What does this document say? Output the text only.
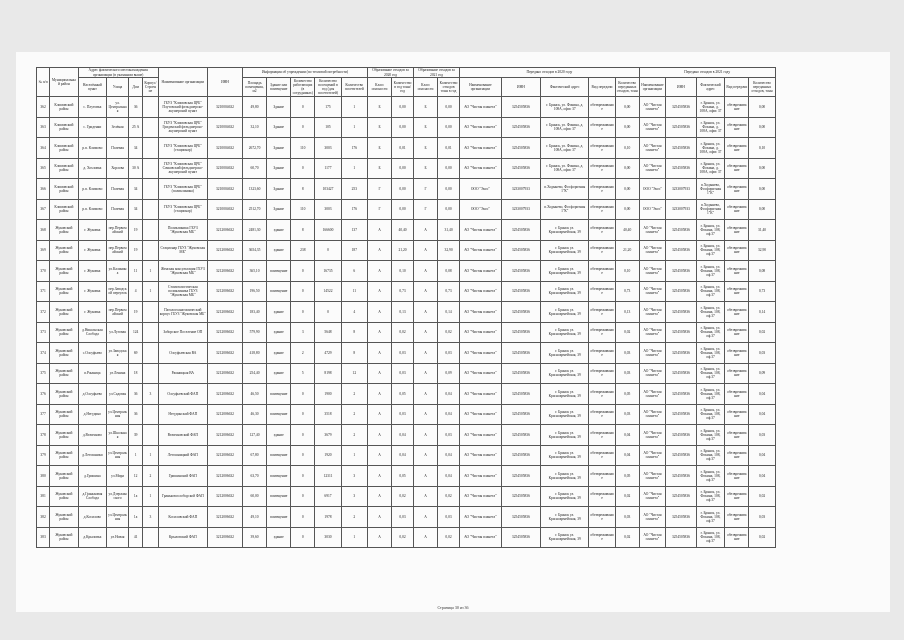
№ п/п	Муниципальный район	Адрес фактического местонахождения организации (в указанном выше)				Наименование организации	ИНН	Информация об учреждении (по тепловой потребности)					Образование отходов за 2020 год		Образование отходов за 2021 год		Передано отходов в 2020 году					Передано отходов в 2021 году				
		Населённый пункт	Улица	Дом	Корпус/Строение			Площадь помещения, м2	Здание или помещение	Количество работающих (в сотрудниках)	Количество посещений в год (для посетителей)	Количество посетителей	Класс опасности	Количество в год тонн/год	Класс опасности	Количество отходов тонн в год	Наименование организации	ИНН	Фактический адрес	Вид передачи	Количество переданных отходов, тонн	Наименование организации	ИНН	Фактический адрес	Вид передачи	Количество переданных отходов, тонн
362	Климовский район	с. Плутовка	ул. Центральная	36		ГБУЗ "Климовская ЦРБ" Плутовский фельдшерско-акушерский пункт	3210004632	49,80	Здание	0	175	1	Б	0,00	Б	0,00	АО "Чистая планета"	3254505836	г. Брянск, ул. Фокина, д. 108А, офис 37	обезвреживание	0,00	АО "Чистая планета"	3254505836	г. Брянск, ул. Фокина, д. 108А, офис 37	обезвреживание	0,00
363	Климовский район	с. Гриденки	Зелёная	25 А		ГБУЗ "Климовская ЦРБ" Гриденский фельдшерско-акушерский пункт	3210004632	32,10	Здание	0	105	1	Б	0,00	Б	0,00	АО "Чистая планета"	3254505836	г. Брянск, ул. Фокина, д. 108А, офис 37	обезвреживание	0,00	АО "Чистая планета"	3254505836	г. Брянск, ул. Фокина, д. 108А, офис 37	обезвреживание	0,00
364	Климовский район	р.п. Климово	Полевая	34		ГБУЗ "Климовская ЦРБ" (стационар)	3210004632	2672,70	Здание	110	3003	176	Б	0,01	Б	0,01	АО "Чистая планета"	3254505836	г. Брянск, ул. Фокина, д. 108А, офис 37	обезвреживание	0,10	АО "Чистая планета"	3254505836	г. Брянск, ул. Фокина, д. 108А, офис 37	обезвреживание	0,10
365	Климовский район	д. Хохловка	Хорлова	30 А		ГБУЗ "Климовская ЦРБ" Сачковский фельдшерско-акушерский пункт	3210004632	60,70	Здание	0	1177	1	Б	0,00	Б	0,00	АО "Чистая планета"	3254505836	г. Брянск, ул. Фокина, д. 108А, офис 37	обезвреживание	0,00	АО "Чистая планета"	3254505836	г. Брянск, ул. Фокина, д. 108А, офис 37	обезвреживание	0,00
366	Климовский район	р.п. Климово	Полевая	34		ГБУЗ "Климовская ЦРБ" (поликлиника)	3210004632	1323,60	Здание	8	103427	253	Г	0,00	Г	0,00	ООО "Экос"	3233007933	п.Ходынево, Фосфоритная 1"К"	обезвреживание	0,00	ООО "Экос"	3233007933	п.Ходынево, Фосфоритная 1"К"	обезвреживание	0,00
367	Климовский район	р.п. Климово	Полевая	34		ГБУЗ "Климовская ЦРБ" (стационар)	3210004632	2512,70	Здание	110	3003	176	Г	0,00	Г	0,00	ООО "Экос"	3233007933	п.Ходынево, Фосфоритная 1"К"	обезвреживание	0,00	ООО "Экос"	3233007933	п.Ходынево, Фосфоритная 1"К"	обезвреживание	0,00
368	Жуковский район	г. Жуковка	пер.Первомайский	19		Поликлиника ГБУЗ "Жуковская МБ"	3212006632	2481,30	здание	8	166600	137	А	40,40	А	31,40	АО "Чистая планета"	3254505836	г. Брянск ул. Красноармейская, 39	обезвреживание	40,40	АО "Чистая планета"	3254505836	г. Брянск, ул. Фокина, 108, оф.37	обезвреживание	31,40
369	Жуковский район	г. Жуковка	пер.Первомайский	19		Стационар ГБУЗ "Жуковская МБ"	3212006632	3654,35	здание	238	0	187	А	21,20	А	32,90	АО "Чистая планета"	3254505836	г. Брянск ул. Красноармейская, 39	обезвреживание	21,20	АО "Чистая планета"	3254505836	г. Брянск, ул. Фокина, 108, оф.37	обезвреживание	32,90
370	Жуковский район	г. Жуковка	ул.Калинина	11	1	Женская консультация ГБУЗ "Жуковская МБ"	3212006632	365,10	помещение	0	16735	6	А	0,10	А	0,08	АО "Чистая планета"	3254505836	г. Брянск ул. Красноармейская, 39	обезвреживание	0,10	АО "Чистая планета"	3254505836	г. Брянск, ул. Фокина, 108, оф.37	обезвреживание	0,08
371	Жуковский район	г. Жуковка	пер.Заводской переулок	4	1	Стоматологическая поликлиника ГБУЗ "Жуковская МБ"	3212006632	196,50	помещение	0	14522	11	А	0,73	А	0,73	АО "Чистая планета"	3254505836	г. Брянск ул. Красноармейская, 39	обезвреживание	0,73	АО "Чистая планета"	3254505836	г. Брянск, ул. Фокина, 108, оф.37	обезвреживание	0,73
372	Жуковский район	г. Жуковка	пер.Первомайский	19		Патологоанатомический корпус ГБУЗ "Жуковская МБ"	3212006632	183,40	здание	0	0	4	А	0,13	А	0,14	АО "Чистая планета"	3254505836	г. Брянск ул. Красноармейская, 39	обезвреживание	0,13	АО "Чистая планета"	3254505836	г. Брянск, ул. Фокина, 108, оф.37	обезвреживание	0,14
373	Жуковский район	д.Никольская Слобода	ул.Луговая	124		Заборское Поселение ОП	3212006632	579,90	здание	3	5648	8	А	0,02	А	0,02	АО "Чистая планета"	3254505836	г. Брянск ул. Красноармейская, 39	обезвреживание	0,02	АО "Чистая планета"	3254505836	г. Брянск, ул. Фокина, 108, оф.37	обезвреживание	0,02
374	Жуковский район	с.Олсуфьево	ул.Заводская	69		Олсуфьевская ВА	3212006632	418,80	здание	2	4729	8	А	0,03	А	0,03	АО "Чистая планета"	3254505836	г. Брянск ул. Красноармейская, 39	обезвреживание	0,03	АО "Чистая планета"	3254505836	г. Брянск, ул. Фокина, 108, оф.37	обезвреживание	0,03
375	Жуковский район	п.Ржаница	ул.Ленина	18		Ржаницкая ВА	3212006632	254,40	здание	5	8198	12	А	0,03	А	0,09	АО "Чистая планета"	3254505836	г. Брянск ул. Красноармейская, 39	обезвреживание	0,03	АО "Чистая планета"	3254505836	г. Брянск, ул. Фокина, 108, оф.37	обезвреживание	0,09
376	Жуковский район	д.Олсуфьево	ул.Садовая	36	3	Олсуфьевский ФАП	3212006632	46,50	помещение	0	1900	2	А	0,05	А	0,04	АО "Чистая планета"	3254505836	г. Брянск ул. Красноармейская, 39	обезвреживание	0,05	АО "Чистая планета"	3254505836	г. Брянск, ул. Фокина, 108, оф.37	обезвреживание	0,04
377	Жуковский район	д.Негудино	ул.Центральная	36		Негудинский ФАП	3212006632	46,30	помещение	0	3518	2	А	0,03	А	0,04	АО "Чистая планета"	3254505836	г. Брянск ул. Красноармейская, 39	обезвреживание	0,03	АО "Чистая планета"	3254505836	г. Брянск, ул. Фокина, 108, оф.37	обезвреживание	0,04
378	Жуковский район	д.Величково	ул.Школьная	39		Величковский ФАП	3212006632	127,40	здание	0	3679	2	А	0,04	А	0,03	АО "Чистая планета"	3254505836	г. Брянск ул. Красноармейская, 39	обезвреживание	0,04	АО "Чистая планета"	3254505836	г. Брянск, ул. Фокина, 108, оф.37	обезвреживание	0,03
379	Жуковский район	д.Летошники	ул.Центральная	1	1	Летошницкий ФАП	3212006632	67,80	помещение	0	1920	1	А	0,04	А	0,04	АО "Чистая планета"	3254505836	г. Брянск ул. Красноармейская, 39	обезвреживание	0,04	АО "Чистая планета"	3254505836	г. Брянск, ул. Фокина, 108, оф.37	обезвреживание	0,04
380	Жуковский район	д.Гришина	ул.Мира	12	2	Гришинский ФАП	3212006632	63,70	помещение	0	12311	3	А	0,05	А	0,04	АО "Чистая планета"	3254505836	г. Брянск ул. Красноармейская, 39	обезвреживание	0,05	АО "Чистая планета"	3254505836	г. Брянск, ул. Фокина, 108, оф.37	обезвреживание	0,04
381	Жуковский район	д.Граньковая Слобода	ул.Дзержинского	1а	1	Граньковослободской ФАП	3212006632	60,00	помещение	0	6917	3	А	0,02	А	0,02	АО "Чистая планета"	3254505836	г. Брянск ул. Красноармейская, 39	обезвреживание	0,02	АО "Чистая планета"	3254505836	г. Брянск, ул. Фокина, 108, оф.37	обезвреживание	0,02
382	Жуковский район	д.Косилово	ул.Центральная	1а	3	Косиловский ФАП	3212006632	49,10	помещение	0	1978	2	А	0,03	А	0,03	АО "Чистая планета"	3254505836	г. Брянск ул. Красноармейская, 39	обезвреживание	0,03	АО "Чистая планета"	3254505836	г. Брянск, ул. Фокина, 108, оф.37	обезвреживание	0,03
383	Жуковский район	д.Крыловка	ул.Новая	41		Крыловский ФАП	3212006632	39,60	здание	0	3030	1	А	0,02	А	0,02	АО "Чистая планета"	3254505836	г. Брянск ул. Красноармейская, 39	обезвреживание	0,02	АО "Чистая планета"	3254505836	г. Брянск, ул. Фокина, 108, оф.37	обезвреживание	0,02
Страница 30 из 36
